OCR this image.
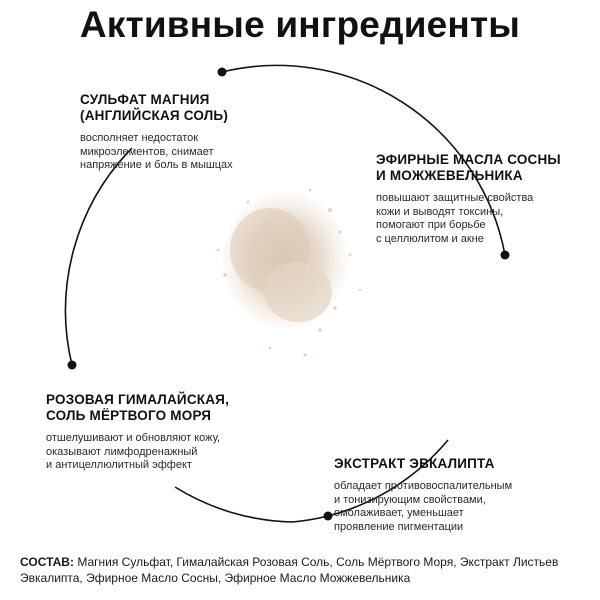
Активные ингредиенты
СУЛЬФАТ МАГНИЯ
(АНГЛИЙСКАЯ СОЛЬ)
восполняет недостаток
микроэлементов, снимает
напряжение и боль в мышцах	ЭФИРНЫЕ МАСЛА СОСНЫ
И МОЖЖЕВЕЛЬНИКА
повышают защитные свойства
кожи и выводят токсины,
помогают при борьбе
с целлюлитом и акне
РОЗОВАЯ ГИМАЛАЙСКАЯ,
СОЛЬ МЁРТВОГО МОРЯ
отшелушивают и обновляют кожу,
оказывают лимфодренажный
и антицеллюлитный эффект	ЭКСТРАКТ ЭВКАЛИПТА
обладает противовоспалительным
и тонизирующим свойствами,
омолаживает, уменьшает
проявление пигментации
СОСТАВ: Магния Сульфат, Гималайская Розовая Соль, Соль Мёртвого Моря, Экстракт Листьев Эвкалипта, Эфирное Масло Сосны, Эфирное Масло Можжевельника
